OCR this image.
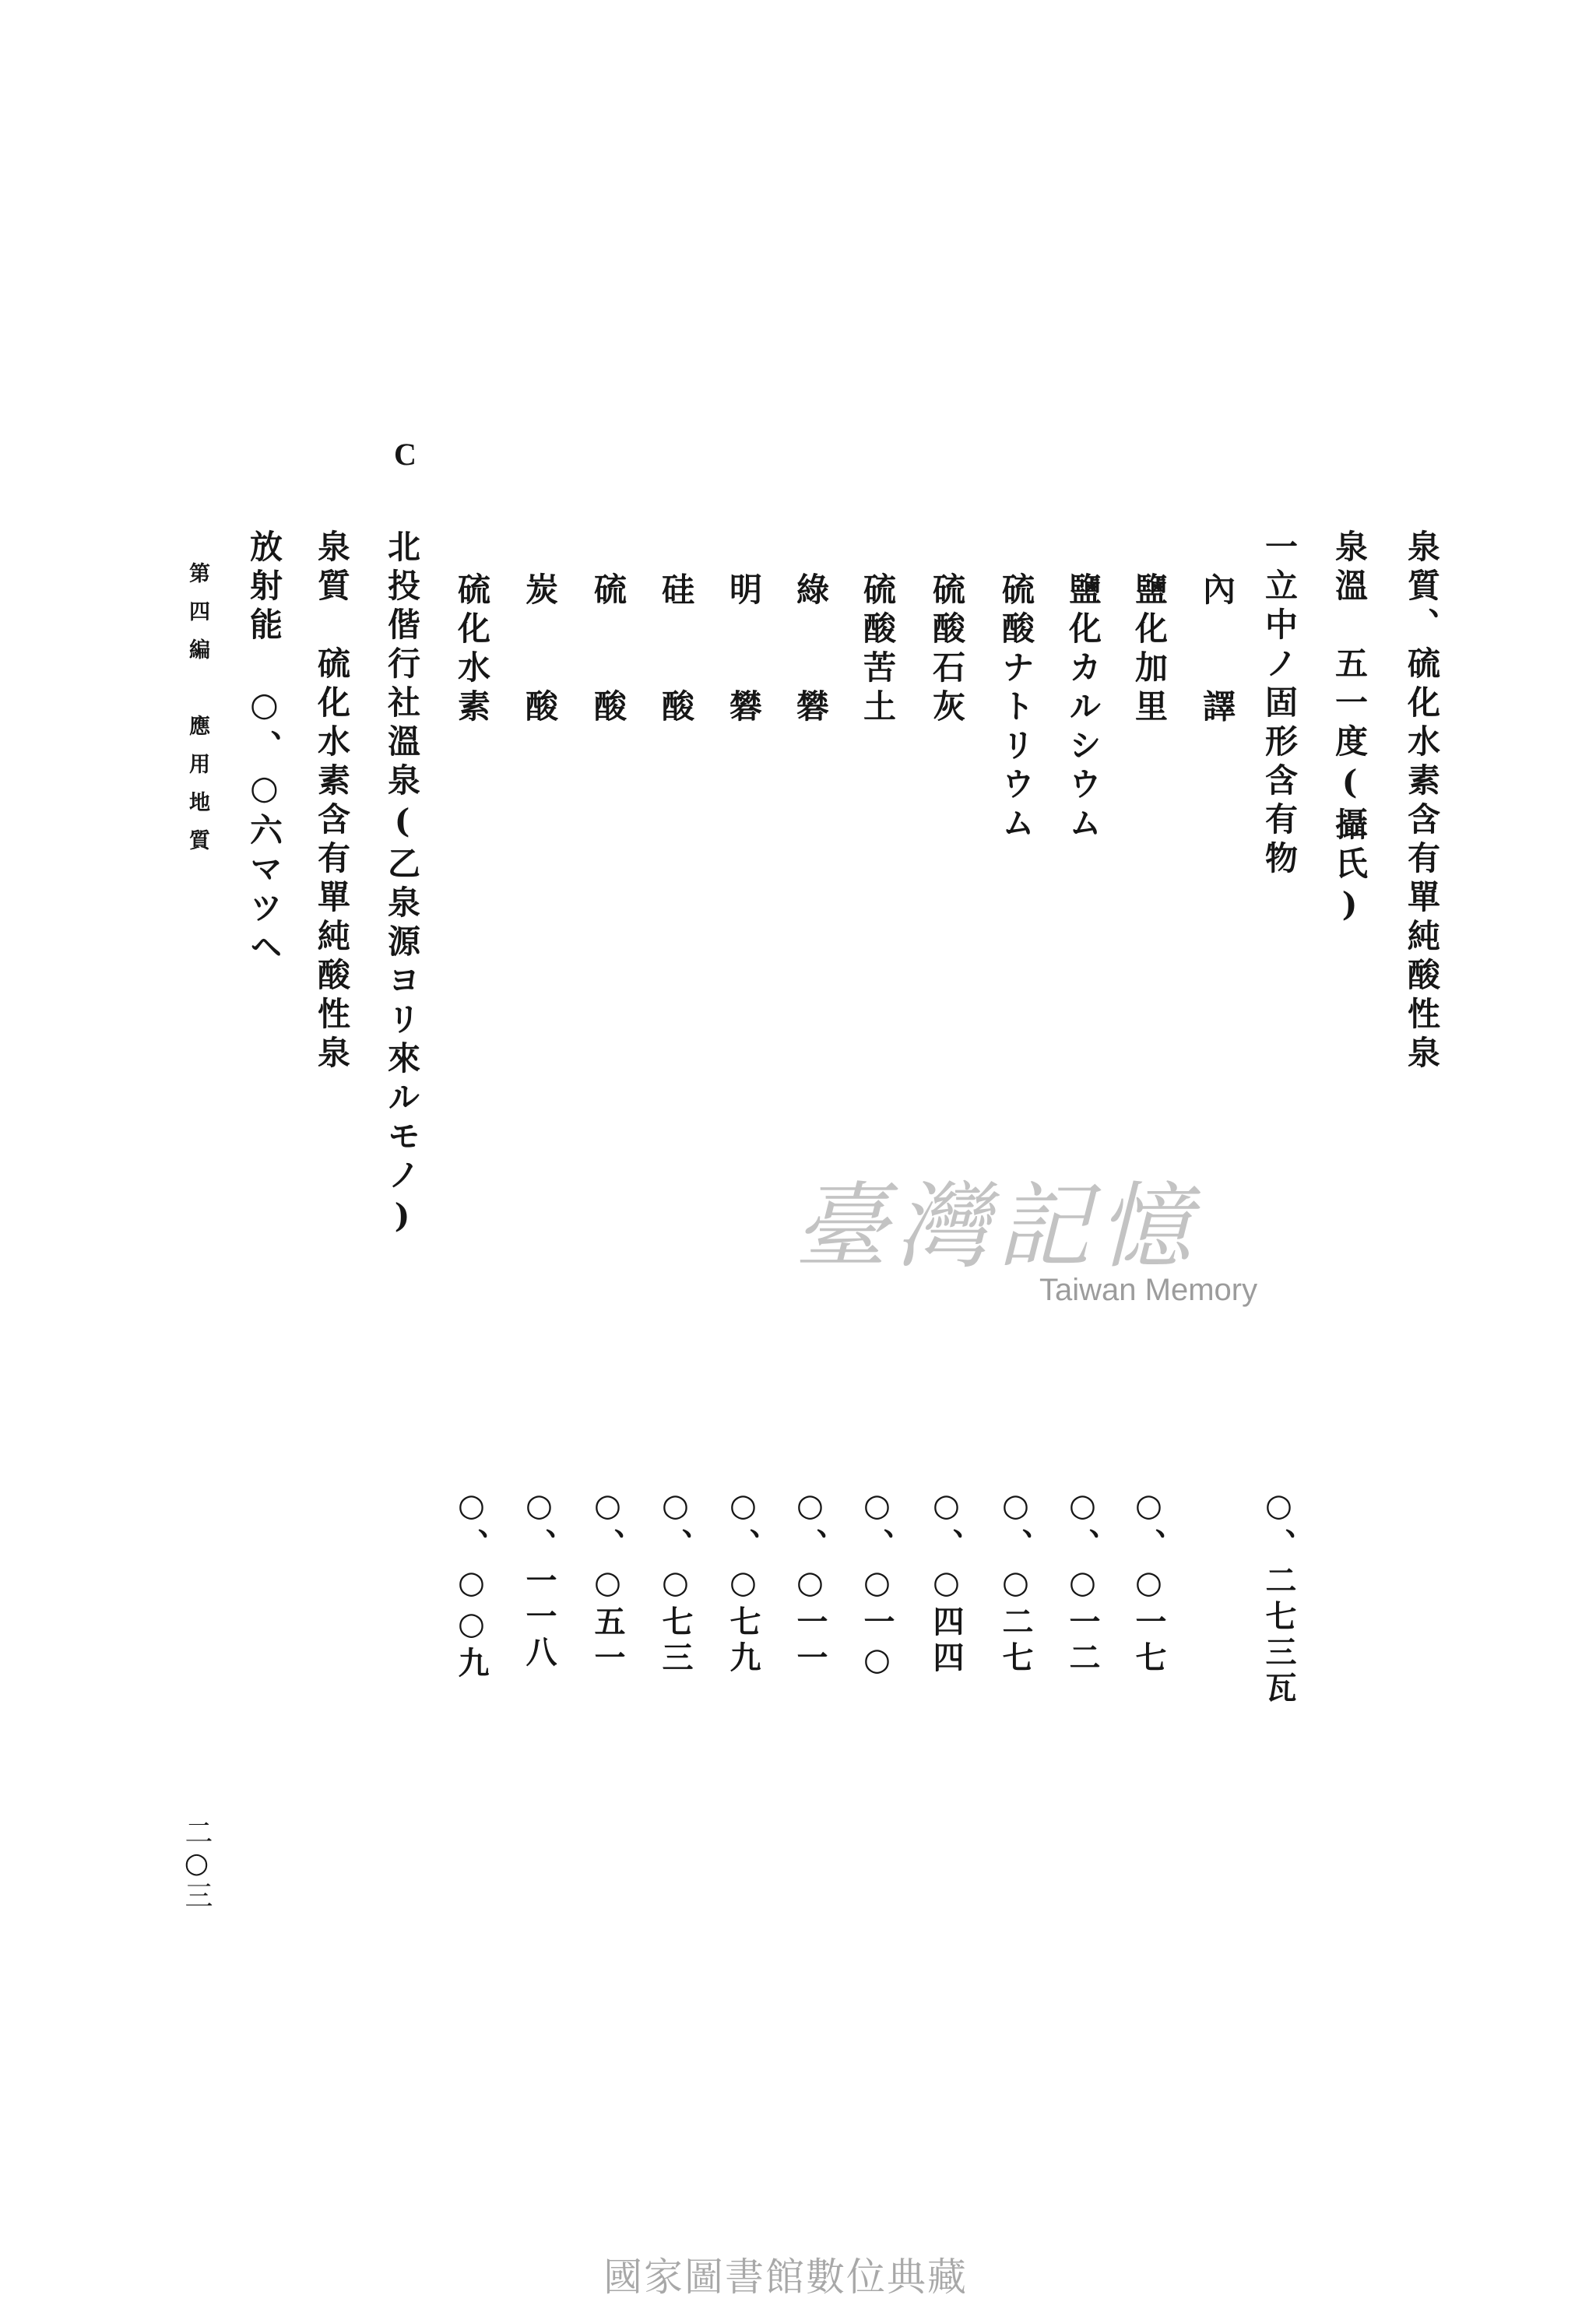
泉質、硫化水素含有單純酸性泉
泉溫　五一度(攝氏)
一立中ノ固形含有物
○、二七三瓦
內　　譯
鹽化加里
鹽化カルシウム
硫酸ナトリウム
硫酸石灰
硫酸苦土
綠　　礬
明　　礬
硅　　酸
硫　　酸
炭　　酸
硫化水素
○、○一七
○、○一二
○、○二七
○、○四四
○、○一○
○、○一一
○、○七九
○、○七三
○、○五一
○、一一八
○、○○九
C
北投偕行社溫泉(乙泉源ヨリ來ルモノ)
泉質　硫化水素含有單純酸性泉
放射能　○、○六マツヘ
第四編　應用地質
二○三
臺灣記憶
Taiwan Memory
國家圖書館數位典藏
